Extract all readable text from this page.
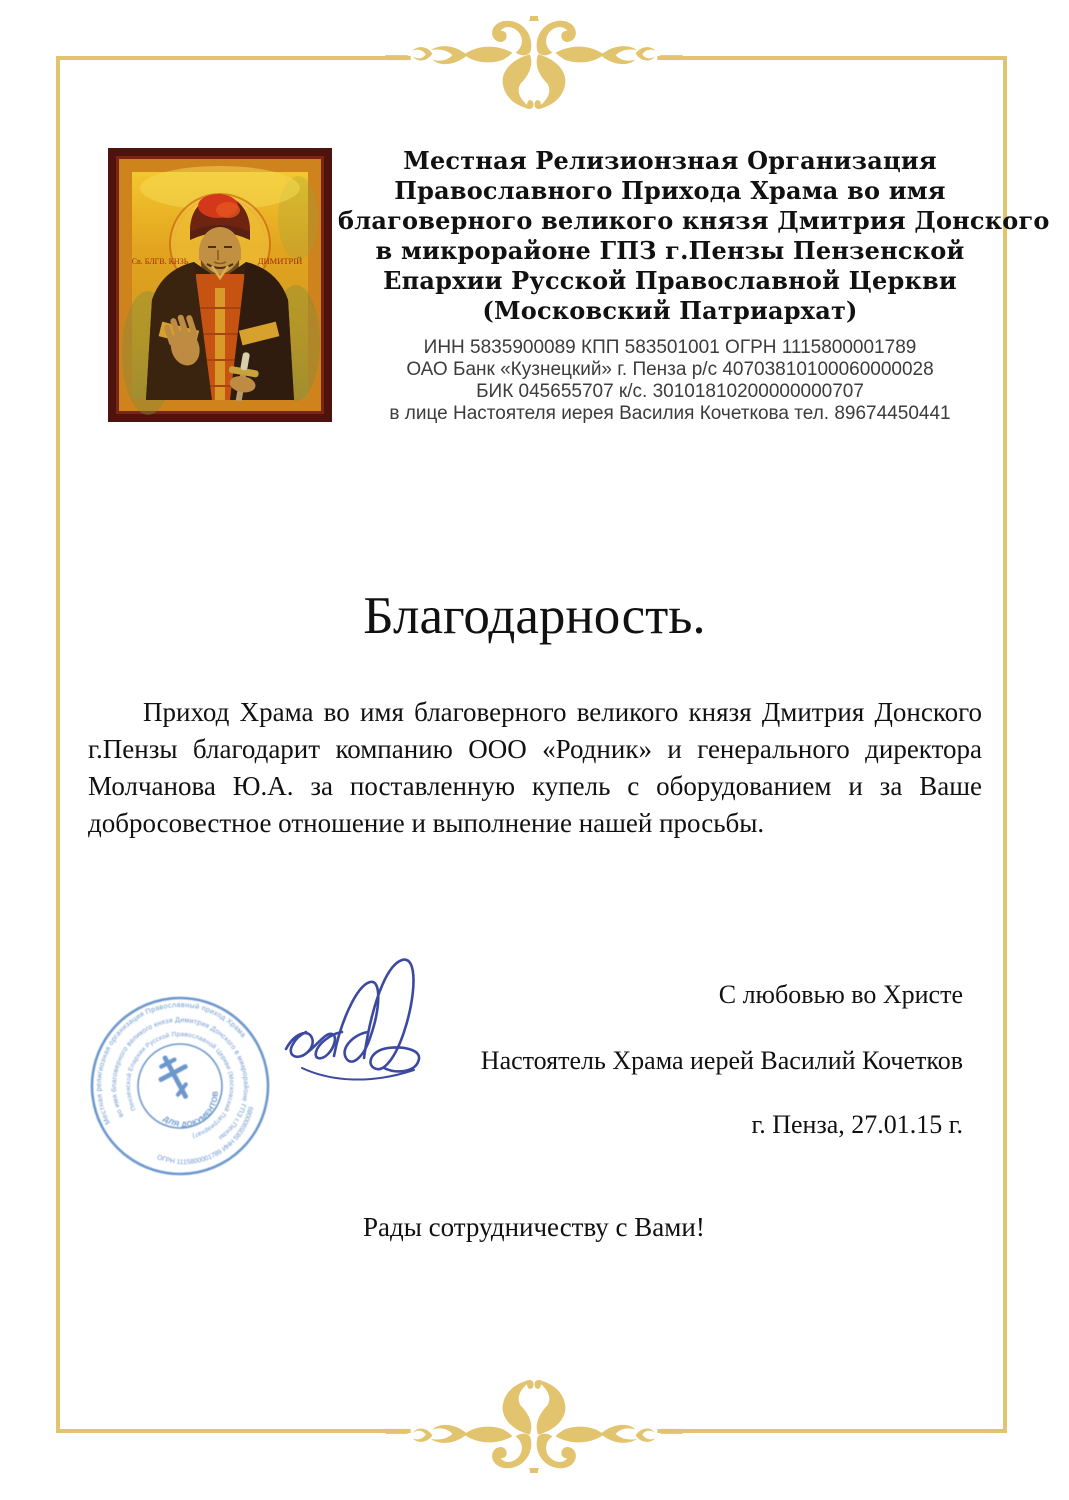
Св. БЛГВ. КНЗЬ	ДИМИТРІЙ
Местная Релизионзная Организация
Православного Прихода Храма во имя
благоверного великого князя Дмитрия Донского
в микрорайоне ГПЗ г.Пензы Пензенской
Епархии Русской Православной Церкви
(Московский Патриархат)
ИНН 5835900089 КПП 583501001 ОГРН 1115800001789
ОАО Банк «Кузнецкий» г. Пенза р/с 40703810100060000028
БИК 045655707 к/с. 30101810200000000707
в лице Настоятеля иерея Василия Кочеткова тел. 89674450441
Благодарность.
Приход Храма во имя благоверного великого князя Дмитрия Донского г.Пензы благодарит компанию ООО «Родник» и генерального директора Молчанова Ю.А. за поставленную купель с оборудованием и за Ваше добросовестное отношение и выполнение нашей просьбы.
Местная религиозная организация Православный приход Храма
во имя благоверного великого князя Димитрия Донского в микрорайоне ГПЗ г.Пензы
Пензенской Епархии Русской Православной Церкви (Московский Патриархат)
ОГРН 1115800001789 ИНН 5835900089
ДЛЯ ДОКУМЕНТОВ
С любовью во Христе
Настоятель Храма иерей Василий Кочетков
г. Пенза, 27.01.15 г.
Рады сотрудничеству с Вами!
